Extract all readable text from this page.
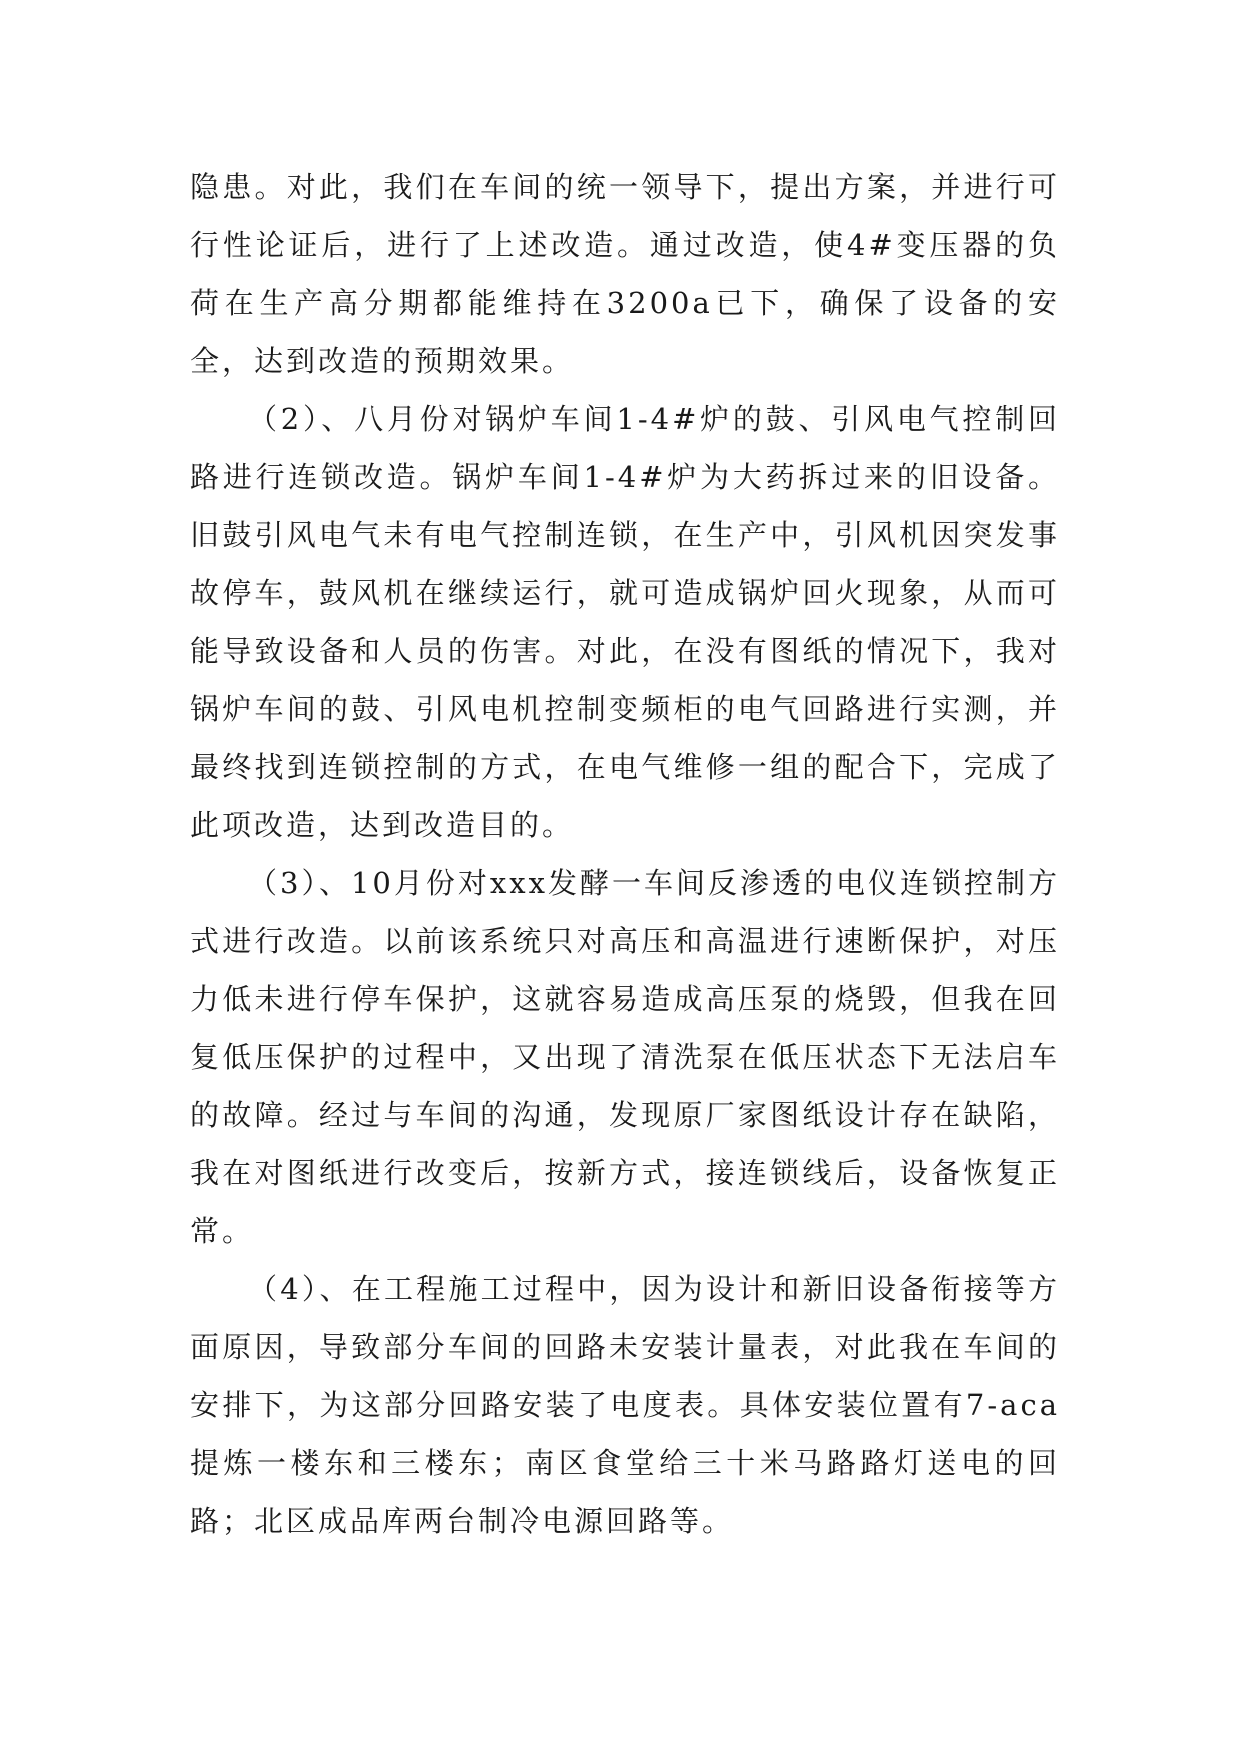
隐患。对此，我们在车间的统一领导下，提出方案，并进行可行性论证后，进行了上述改造。通过改造，使4#变压器的负荷在生产高分期都能维持在3200a已下，确保了设备的安全，达到改造的预期效果。

（2）、八月份对锅炉车间1-4#炉的鼓、引风电气控制回路进行连锁改造。锅炉车间1-4#炉为大药拆过来的旧设备。旧鼓引风电气未有电气控制连锁，在生产中，引风机因突发事故停车，鼓风机在继续运行，就可造成锅炉回火现象，从而可能导致设备和人员的伤害。对此，在没有图纸的情况下，我对锅炉车间的鼓、引风电机控制变频柜的电气回路进行实测，并最终找到连锁控制的方式，在电气维修一组的配合下，完成了此项改造，达到改造目的。

（3）、10月份对xxx发酵一车间反渗透的电仪连锁控制方式进行改造。以前该系统只对高压和高温进行速断保护，对压力低未进行停车保护，这就容易造成高压泵的烧毁，但我在回复低压保护的过程中，又出现了清洗泵在低压状态下无法启车的故障。经过与车间的沟通，发现原厂家图纸设计存在缺陷，我在对图纸进行改变后，按新方式，接连锁线后，设备恢复正常。

（4）、在工程施工过程中，因为设计和新旧设备衔接等方面原因，导致部分车间的回路未安装计量表，对此我在车间的安排下，为这部分回路安装了电度表。具体安装位置有7-aca提炼一楼东和三楼东；南区食堂给三十米马路路灯送电的回路；北区成品库两台制冷电源回路等。
